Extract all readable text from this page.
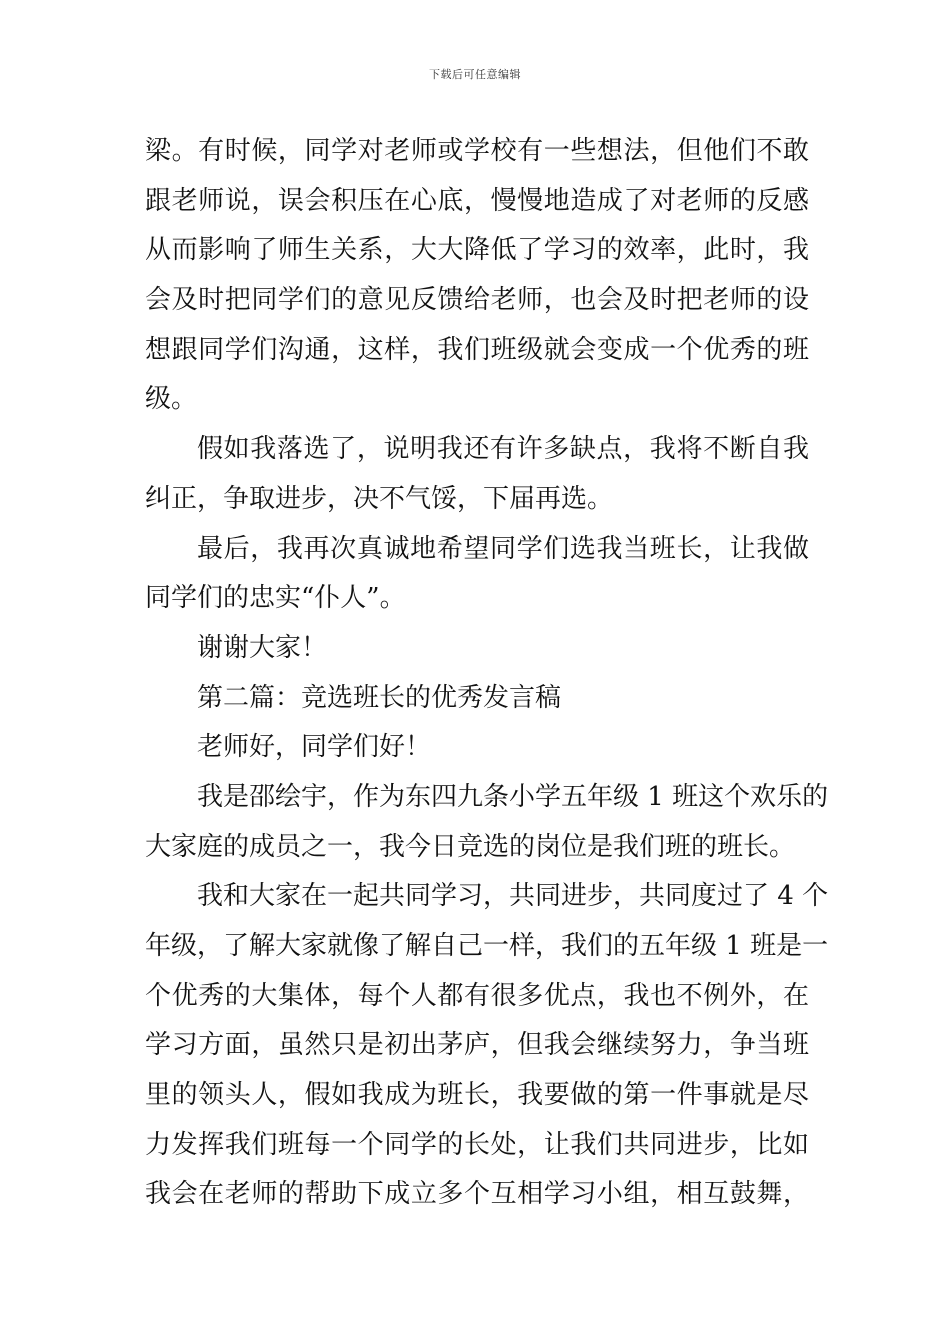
下载后可任意编辑
梁。有时候，同学对老师或学校有一些想法，但他们不敢
跟老师说，误会积压在心底，慢慢地造成了对老师的反感
从而影响了师生关系，大大降低了学习的效率，此时，我
会及时把同学们的意见反馈给老师，也会及时把老师的设
想跟同学们沟通，这样，我们班级就会变成一个优秀的班
级。
假如我落选了，说明我还有许多缺点，我将不断自我
纠正，争取进步，决不气馁，下届再选。
最后，我再次真诚地希望同学们选我当班长，让我做
同学们的忠实“仆人”。
谢谢大家！
第二篇：竞选班长的优秀发言稿
老师好，同学们好！
我是邵绘宇，作为东四九条小学五年级 1 班这个欢乐的
大家庭的成员之一，我今日竞选的岗位是我们班的班长。
我和大家在一起共同学习，共同进步，共同度过了 4 个
年级，了解大家就像了解自己一样，我们的五年级 1 班是一
个优秀的大集体，每个人都有很多优点，我也不例外，在
学习方面，虽然只是初出茅庐，但我会继续努力，争当班
里的领头人，假如我成为班长，我要做的第一件事就是尽
力发挥我们班每一个同学的长处，让我们共同进步，比如
我会在老师的帮助下成立多个互相学习小组，相互鼓舞，
